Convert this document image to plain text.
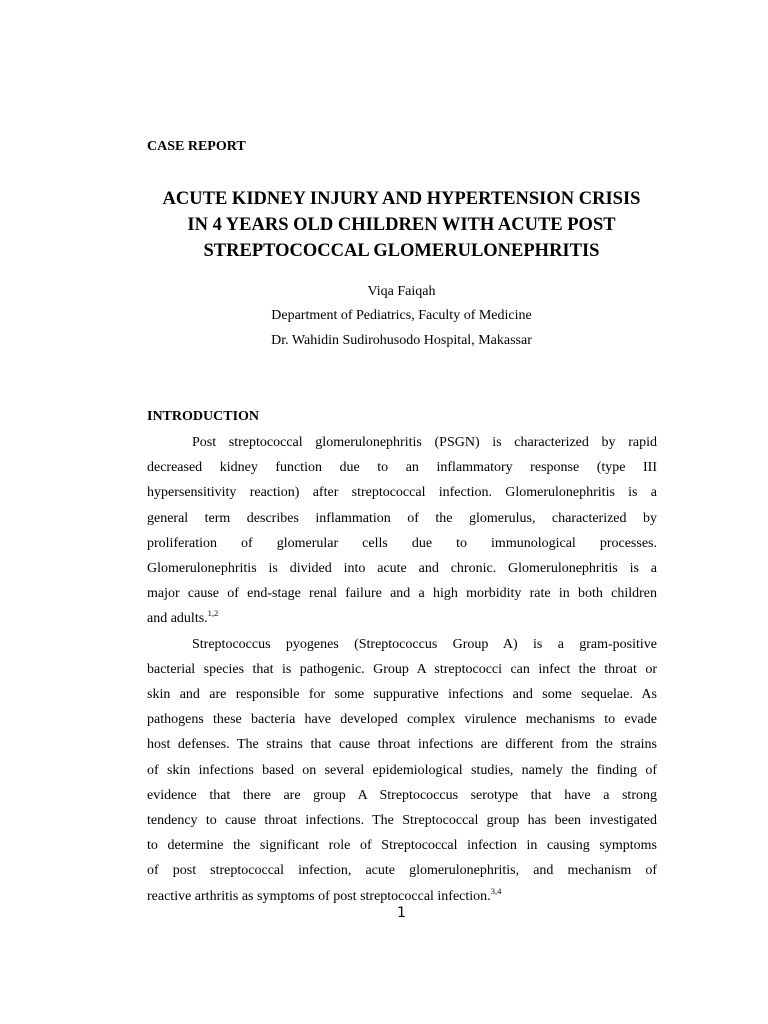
CASE REPORT
ACUTE KIDNEY INJURY AND HYPERTENSION CRISIS
IN 4 YEARS OLD CHILDREN WITH ACUTE POST
STREPTOCOCCAL GLOMERULONEPHRITIS
Viqa Faiqah
Department of Pediatrics, Faculty of Medicine
Dr. Wahidin Sudirohusodo Hospital, Makassar
INTRODUCTION
Post streptococcal glomerulonephritis (PSGN) is characterized by rapid
decreased kidney function due to an inflammatory response (type III
hypersensitivity reaction) after streptococcal infection. Glomerulonephritis is a
general term describes inflammation of the glomerulus, characterized by
proliferation of glomerular cells due to immunological processes.
Glomerulonephritis is divided into acute and chronic. Glomerulonephritis is a
major cause of end-stage renal failure and a high morbidity rate in both children
and adults.$^{1,2}$
Streptococcus pyogenes (Streptococcus Group A) is a gram-positive
bacterial species that is pathogenic. Group A streptococci can infect the throat or
skin and are responsible for some suppurative infections and some sequelae. As
pathogens these bacteria have developed complex virulence mechanisms to evade
host defenses. The strains that cause throat infections are different from the strains
of skin infections based on several epidemiological studies, namely the finding of
evidence that there are group A Streptococcus serotype that have a strong
tendency to cause throat infections. The Streptococcal group has been investigated
to determine the significant role of Streptococcal infection in causing symptoms
of post streptococcal infection, acute glomerulonephritis, and mechanism of
reactive arthritis as symptoms of post streptococcal infection.$^{3,4}$
1
